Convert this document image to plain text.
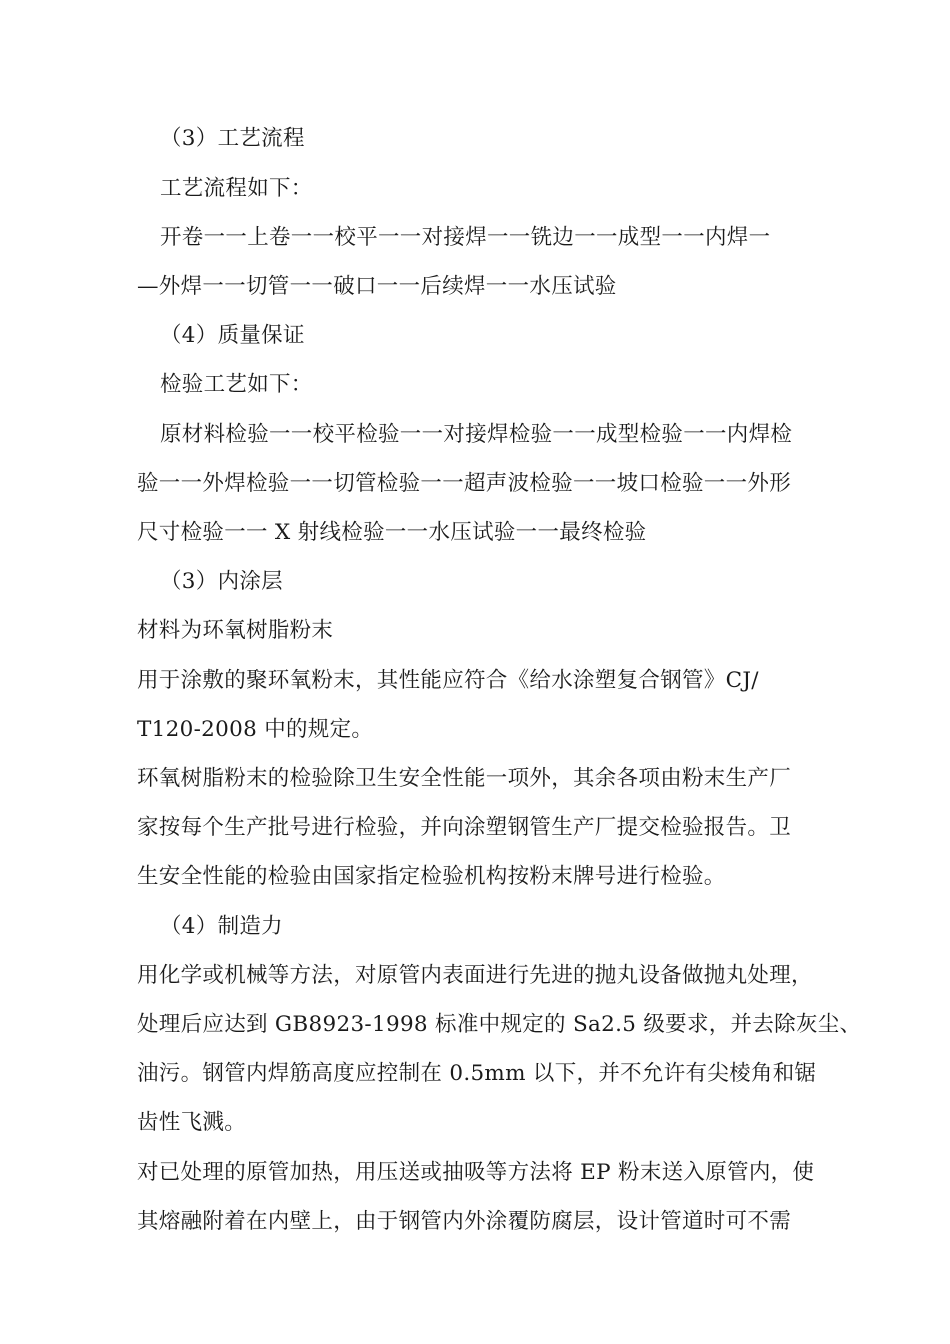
（3）工艺流程
工艺流程如下：
开卷一一上卷一一校平一一对接焊一一铣边一一成型一一内焊一
—外焊一一切管一一破口一一后续焊一一水压试验
（4）质量保证
检验工艺如下：
原材料检验一一校平检验一一对接焊检验一一成型检验一一内焊检
验一一外焊检验一一切管检验一一超声波检验一一坡口检验一一外形
尺寸检验一一 X 射线检验一一水压试验一一最终检验
（3）内涂层
材料为环氧树脂粉末
用于涂敷的聚环氧粉末，其性能应符合《给水涂塑复合钢管》CJ/
T120-2008 中的规定。
环氧树脂粉末的检验除卫生安全性能一项外，其余各项由粉末生产厂
家按每个生产批号进行检验，并向涂塑钢管生产厂提交检验报告。卫
生安全性能的检验由国家指定检验机构按粉末牌号进行检验。
（4）制造力
用化学或机械等方法，对原管内表面进行先进的抛丸设备做抛丸处理，
处理后应达到 GB8923-1998 标准中规定的 Sa2.5 级要求，并去除灰尘、
油污。钢管内焊筋高度应控制在 0.5mm 以下，并不允许有尖棱角和锯
齿性飞溅。
对已处理的原管加热，用压送或抽吸等方法将 EP 粉末送入原管内，使
其熔融附着在内壁上，由于钢管内外涂覆防腐层，设计管道时可不需
